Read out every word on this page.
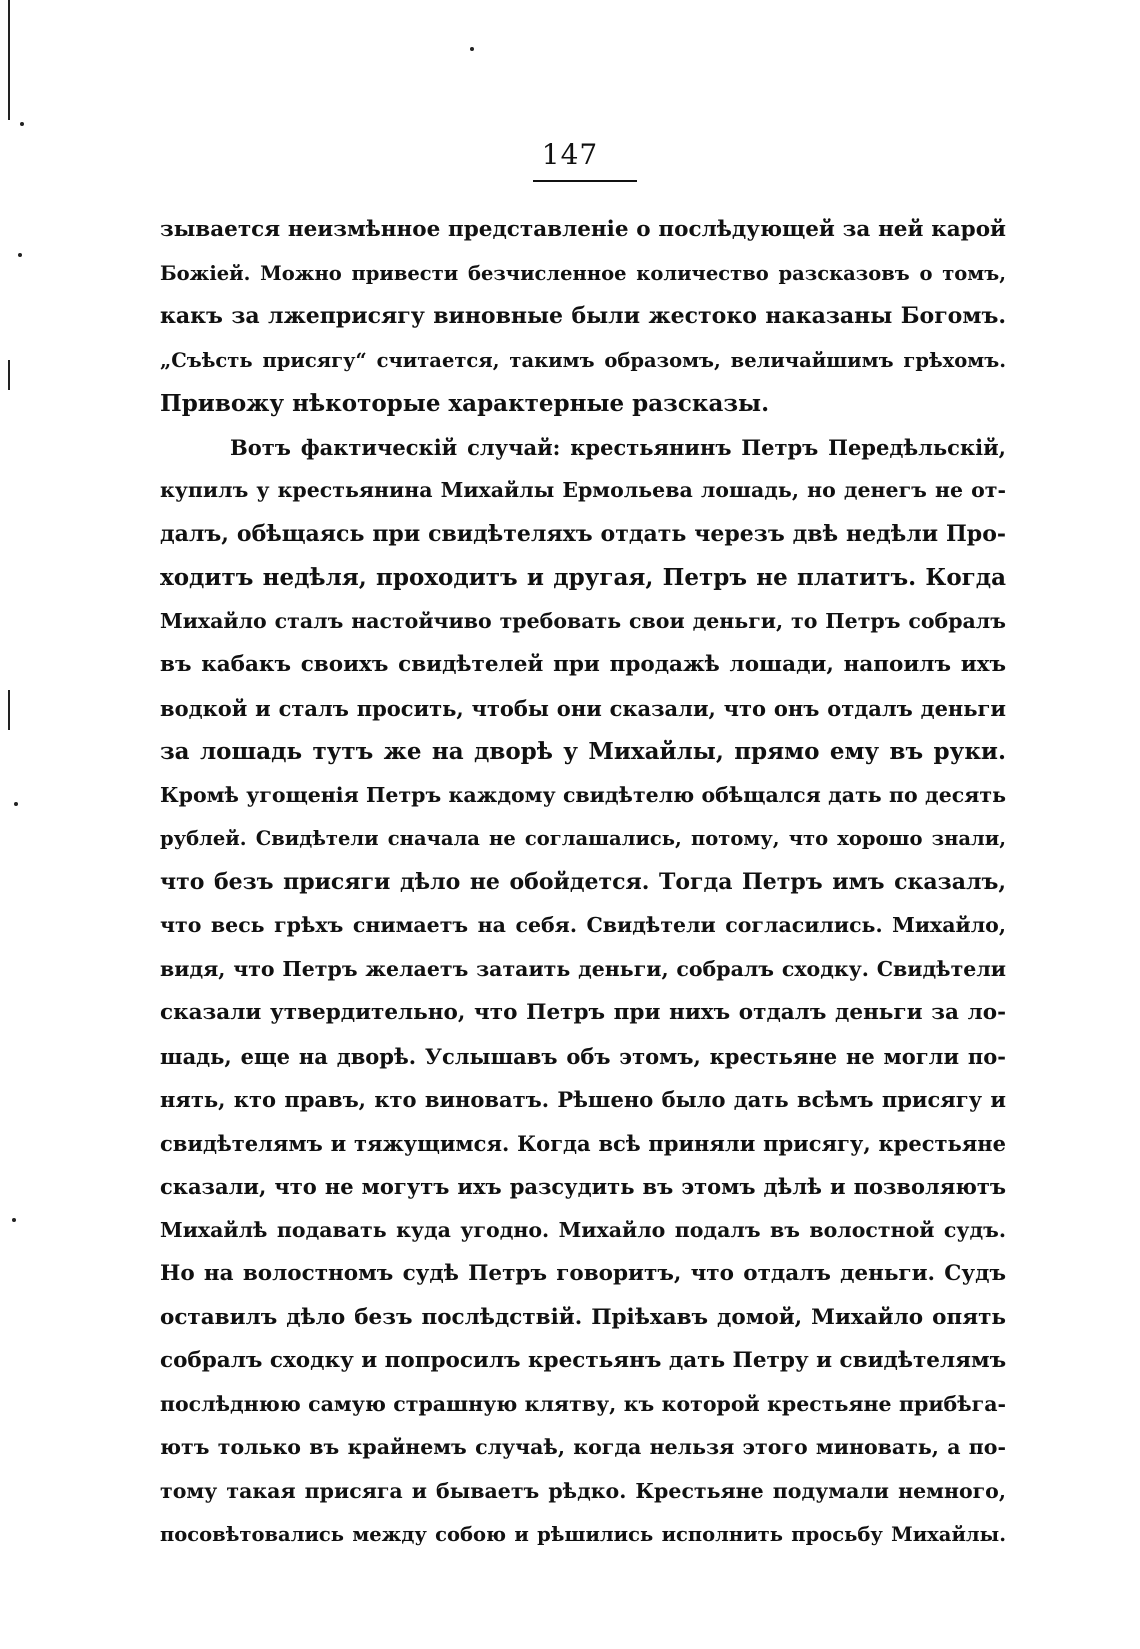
147
зывается неизмѣнное представленіе о послѣдующей за ней карой
Божіей. Можно привести безчисленное количество разсказовъ о томъ,
какъ за лжеприсягу виновные были жестоко наказаны Богомъ.
„Съѣсть присягу“ считается, такимъ образомъ, величайшимъ грѣхомъ.
Привожу нѣкоторые характерные разсказы.
Вотъ фактическій случай: крестьянинъ Петръ Передѣльскій,
купилъ у крестьянина Михайлы Ермольева лошадь, но денегъ не от-
далъ, обѣщаясь при свидѣтеляхъ отдать черезъ двѣ недѣли Про-
ходитъ недѣля, проходитъ и другая, Петръ не платитъ. Когда
Михайло сталъ настойчиво требовать свои деньги, то Петръ собралъ
въ кабакъ своихъ свидѣтелей при продажѣ лошади, напоилъ ихъ
водкой и сталъ просить, чтобы они сказали, что онъ отдалъ деньги
за лошадь тутъ же на дворѣ у Михайлы, прямо ему въ руки.
Кромѣ угощенія Петръ каждому свидѣтелю обѣщался дать по десять
рублей. Свидѣтели сначала не соглашались, потому, что хорошо знали,
что безъ присяги дѣло не обойдется. Тогда Петръ имъ сказалъ,
что весь грѣхъ снимаетъ на себя. Свидѣтели согласились. Михайло,
видя, что Петръ желаетъ затаить деньги, собралъ сходку. Свидѣтели
сказали утвердительно, что Петръ при нихъ отдалъ деньги за ло-
шадь, еще на дворѣ. Услышавъ объ этомъ, крестьяне не могли по-
нять, кто правъ, кто виноватъ. Рѣшено было дать всѣмъ присягу и
свидѣтелямъ и тяжущимся. Когда всѣ приняли присягу, крестьяне
сказали, что не могутъ ихъ разсудить въ этомъ дѣлѣ и позволяютъ
Михайлѣ подавать куда угодно. Михайло подалъ въ волостной судъ.
Но на волостномъ судѣ Петръ говоритъ, что отдалъ деньги. Судъ
оставилъ дѣло безъ послѣдствій. Пріѣхавъ домой, Михайло опять
собралъ сходку и попросилъ крестьянъ дать Петру и свидѣтелямъ
послѣднюю самую страшную клятву, къ которой крестьяне прибѣга-
ютъ только въ крайнемъ случаѣ, когда нельзя этого миновать, а по-
тому такая присяга и бываетъ рѣдко. Крестьяне подумали немного,
посовѣтовались между собою и рѣшились исполнить просьбу Михайлы.
